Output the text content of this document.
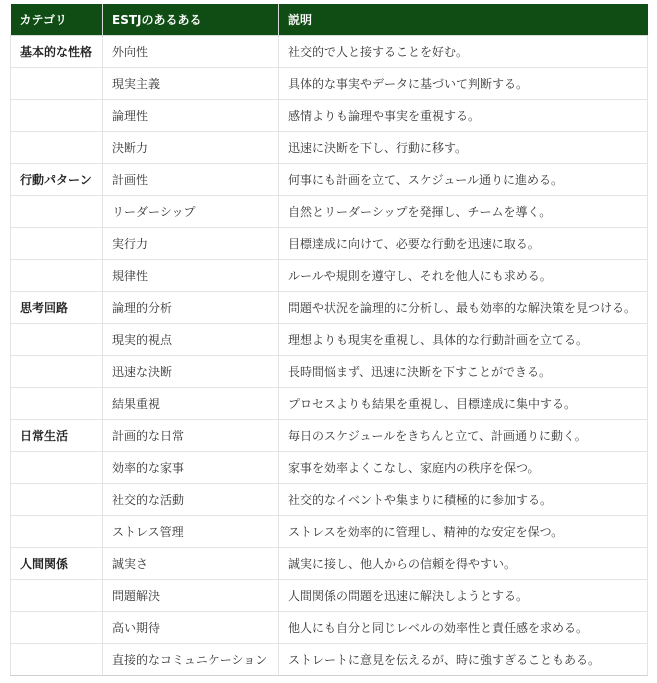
カテゴリ	ESTJのあるある	説明
基本的な性格	外向性	社交的で人と接することを好む。
	現実主義	具体的な事実やデータに基づいて判断する。
	論理性	感情よりも論理や事実を重視する。
	決断力	迅速に決断を下し、行動に移す。
行動パターン	計画性	何事にも計画を立て、スケジュール通りに進める。
	リーダーシップ	自然とリーダーシップを発揮し、チームを導く。
	実行力	目標達成に向けて、必要な行動を迅速に取る。
	規律性	ルールや規則を遵守し、それを他人にも求める。
思考回路	論理的分析	問題や状況を論理的に分析し、最も効率的な解決策を見つける。
	現実的視点	理想よりも現実を重視し、具体的な行動計画を立てる。
	迅速な決断	長時間悩まず、迅速に決断を下すことができる。
	結果重視	プロセスよりも結果を重視し、目標達成に集中する。
日常生活	計画的な日常	毎日のスケジュールをきちんと立て、計画通りに動く。
	効率的な家事	家事を効率よくこなし、家庭内の秩序を保つ。
	社交的な活動	社交的なイベントや集まりに積極的に参加する。
	ストレス管理	ストレスを効率的に管理し、精神的な安定を保つ。
人間関係	誠実さ	誠実に接し、他人からの信頼を得やすい。
	問題解決	人間関係の問題を迅速に解決しようとする。
	高い期待	他人にも自分と同じレベルの効率性と責任感を求める。
	直接的なコミュニケーション	ストレートに意見を伝えるが、時に強すぎることもある。
